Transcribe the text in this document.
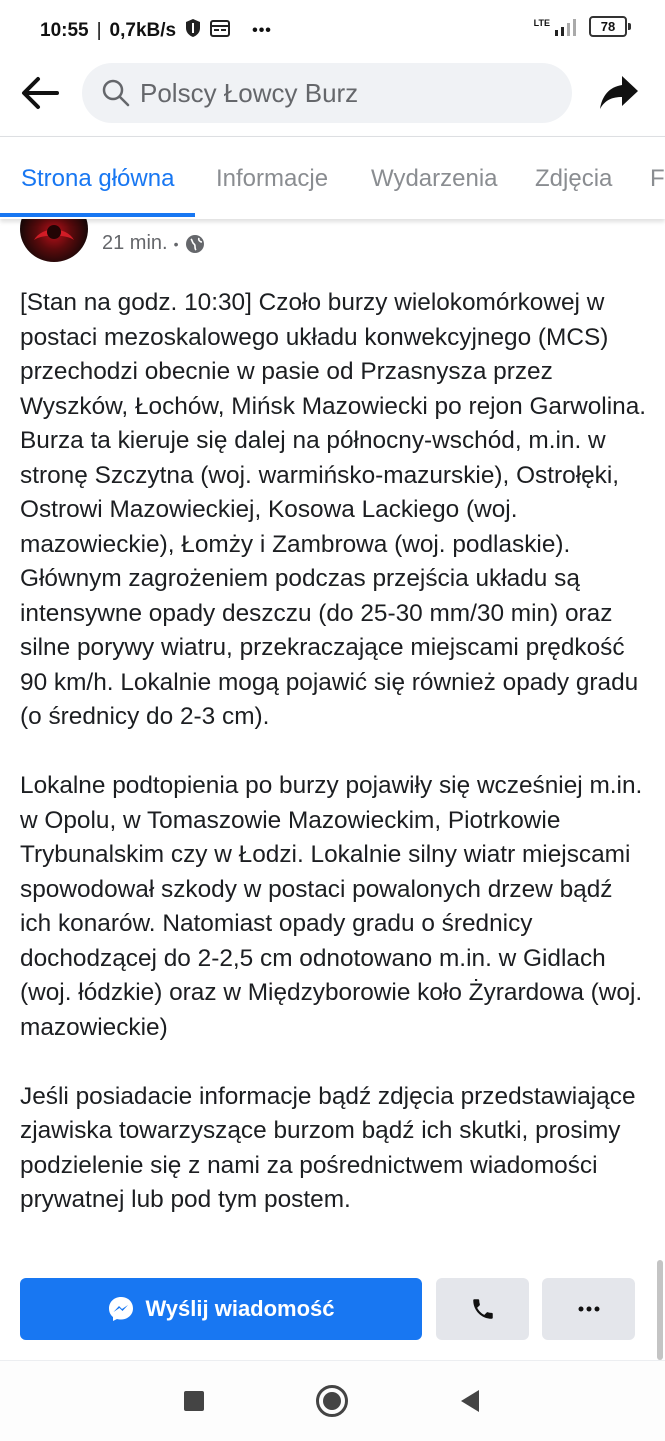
10:55 | 0,7kB/s	•••	LTE	78
Polscy Łowcy Burz
Strona główna Informacje Wydarzenia Zdjęcia F
21 min. •

[Stan na godz. 10:30] Czoło burzy wielokomórkowej w postaci mezoskalowego układu konwekcyjnego (MCS) przechodzi obecnie w pasie od Przasnysza przez Wyszków, Łochów, Mińsk Mazowiecki po rejon Garwolina. Burza ta kieruje się dalej na północny-wschód, m.in. w stronę Szczytna (woj. warmińsko-mazurskie), Ostrołęki, Ostrowi Mazowieckiej, Kosowa Lackiego (woj. mazowieckie), Łomży i Zambrowa (woj. podlaskie). Głównym zagrożeniem podczas przejścia układu są intensywne opady deszczu (do 25-30 mm/30 min) oraz silne porywy wiatru, przekraczające miejscami prędkość 90 km/h. Lokalnie mogą pojawić się również opady gradu (o średnicy do 2-3 cm).

Lokalne podtopienia po burzy pojawiły się wcześniej m.in. w Opolu, w Tomaszowie Mazowieckim, Piotrkowie Trybunalskim czy w Łodzi. Lokalnie silny wiatr miejscami spowodował szkody w postaci powalonych drzew bądź ich konarów. Natomiast opady gradu o średnicy dochodzącej do 2-2,5 cm odnotowano m.in. w Gidlach (woj. łódzkie) oraz w Międzyborowie koło Żyrardowa (woj. mazowieckie)

Jeśli posiadacie informacje bądź zdjęcia przedstawiające zjawiska towarzyszące burzom bądź ich skutki, prosimy podzielenie się z nami za pośrednictwem wiadomości prywatnej lub pod tym postem.

Wyślij wiadomość
